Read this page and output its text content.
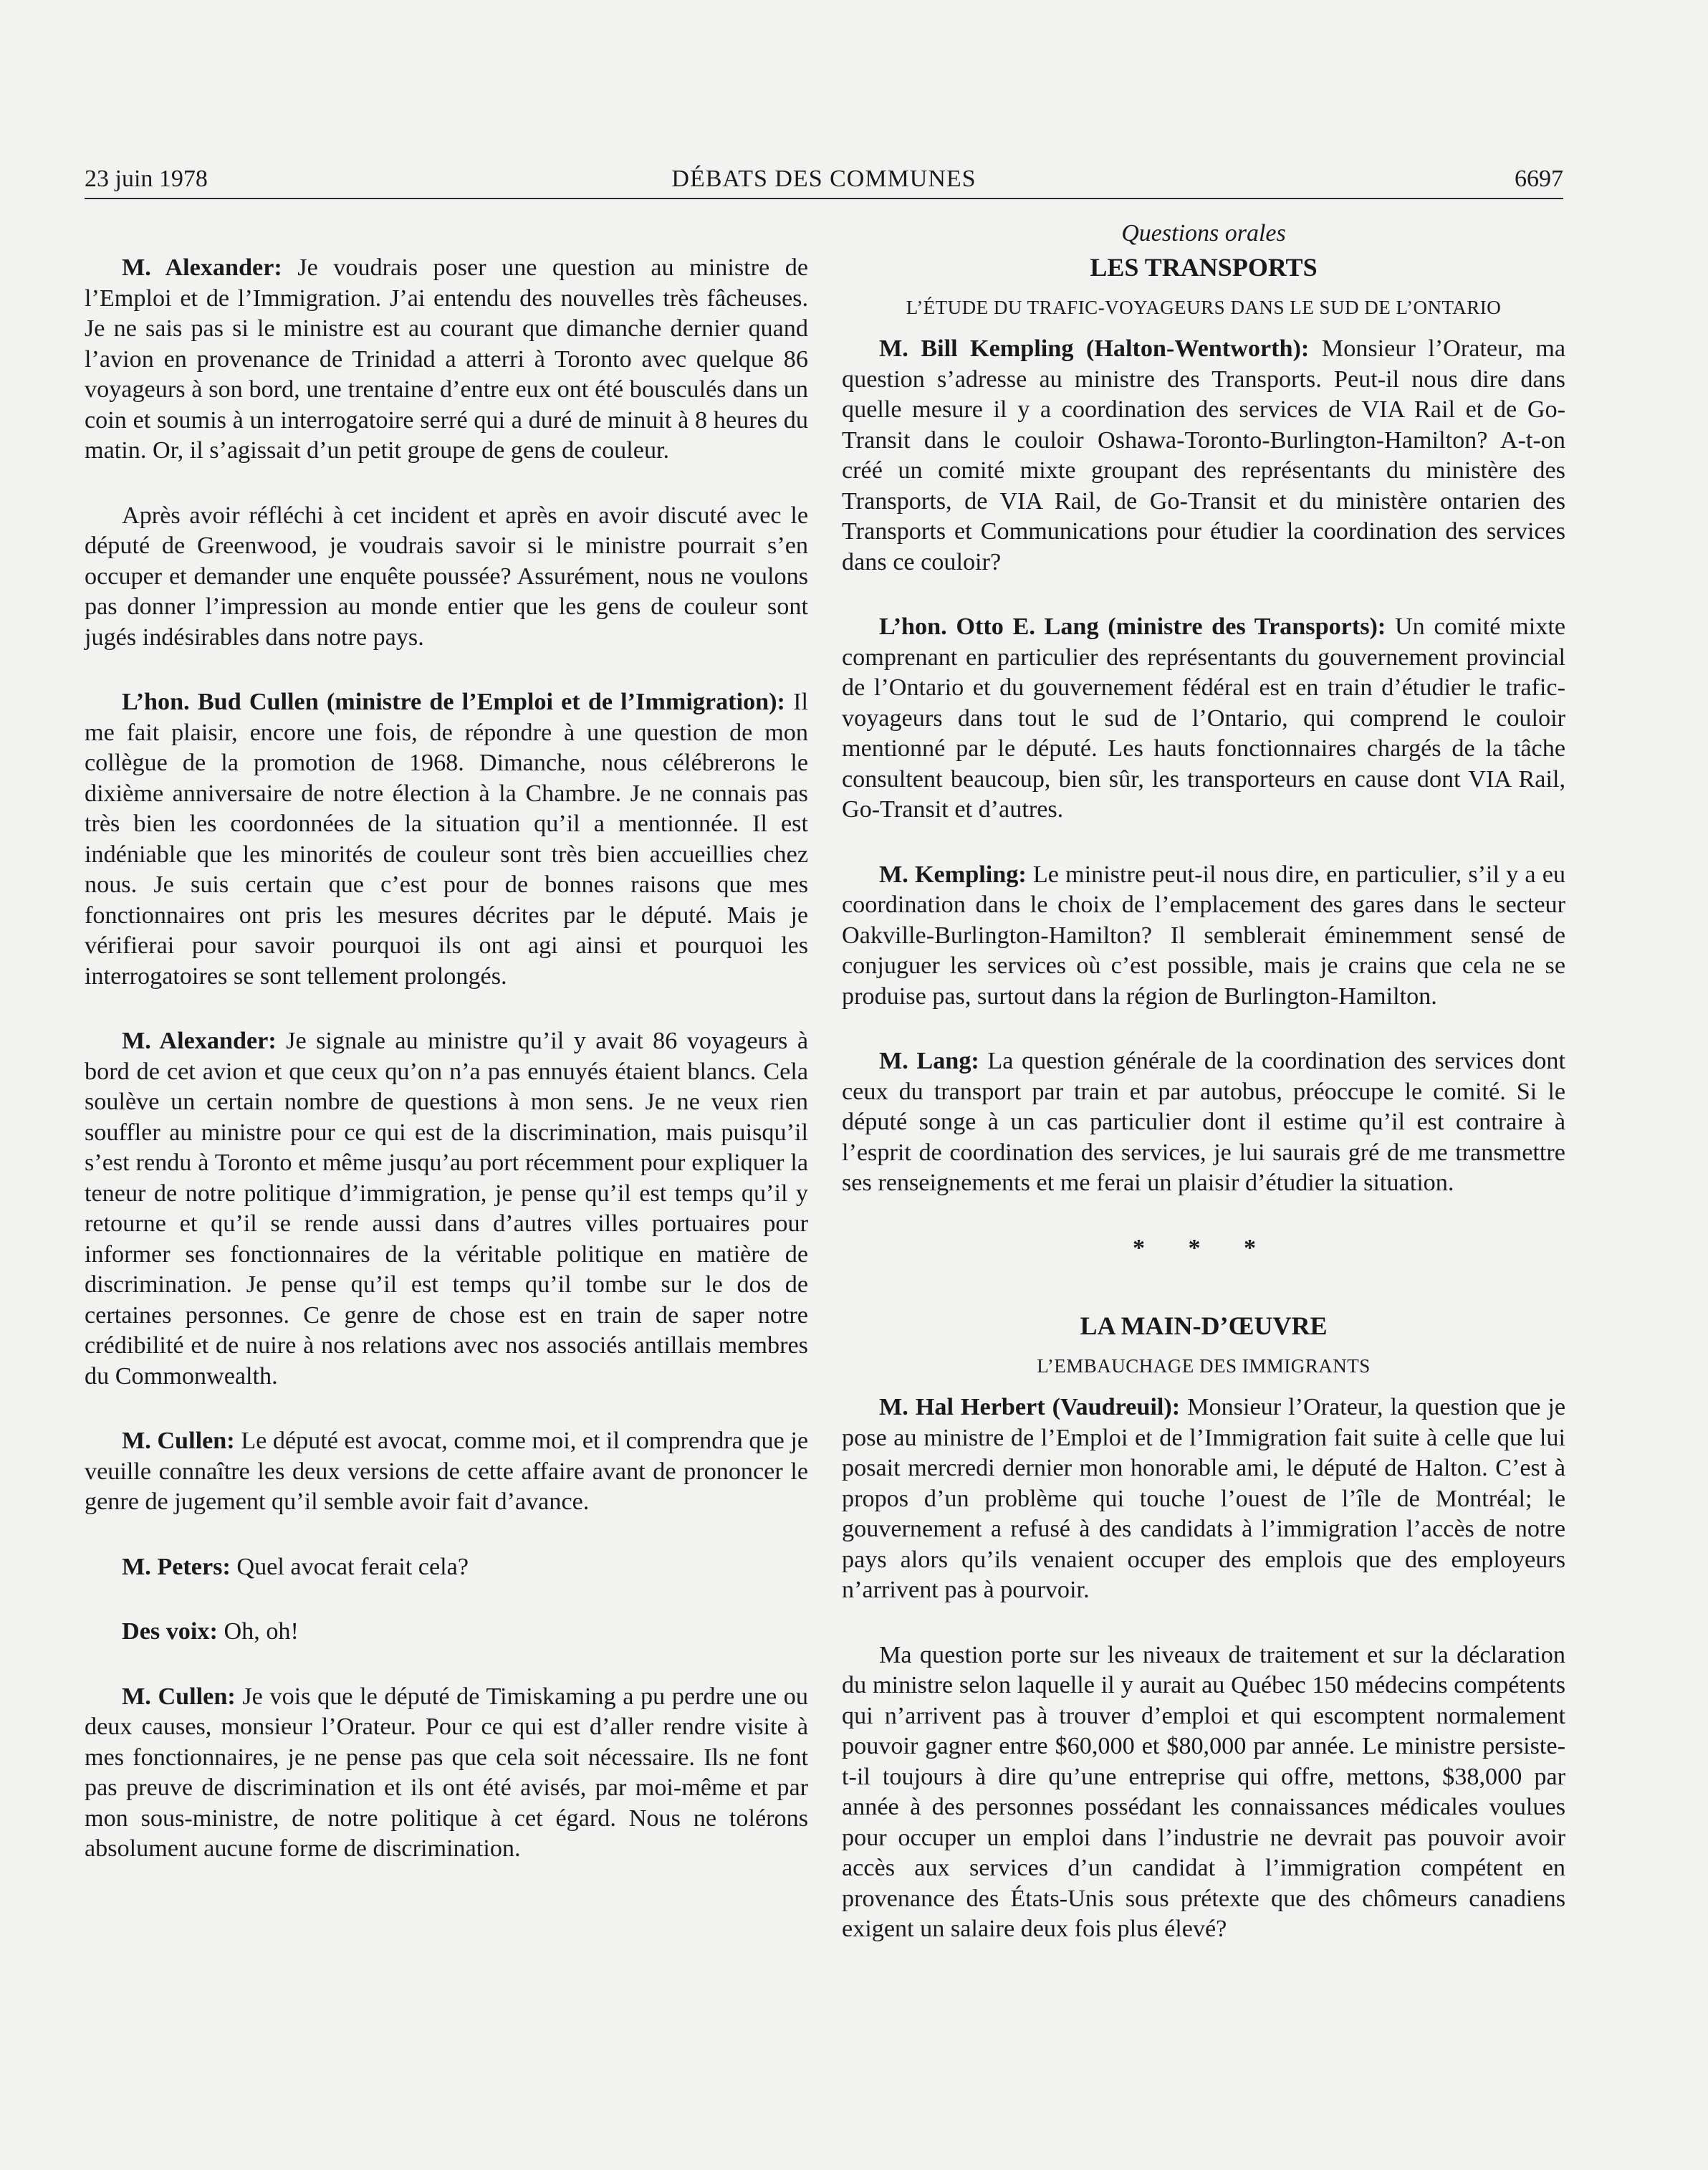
23 juin 1978	DÉBATS DES COMMUNES	6697

M. Alexander: Je voudrais poser une question au ministre de l’Emploi et de l’Immigration. J’ai entendu des nouvelles très fâcheuses. Je ne sais pas si le ministre est au courant que dimanche dernier quand l’avion en provenance de Trinidad a atterri à Toronto avec quelque 86 voyageurs à son bord, une trentaine d’entre eux ont été bousculés dans un coin et soumis à un interrogatoire serré qui a duré de minuit à 8 heures du matin. Or, il s’agissait d’un petit groupe de gens de couleur.

Après avoir réfléchi à cet incident et après en avoir discuté avec le député de Greenwood, je voudrais savoir si le ministre pourrait s’en occuper et demander une enquête poussée? Assurément, nous ne voulons pas donner l’impression au monde entier que les gens de couleur sont jugés indésirables dans notre pays.

L’hon. Bud Cullen (ministre de l’Emploi et de l’Immigration): Il me fait plaisir, encore une fois, de répondre à une question de mon collègue de la promotion de 1968. Dimanche, nous célébrerons le dixième anniversaire de notre élection à la Chambre. Je ne connais pas très bien les coordonnées de la situation qu’il a mentionnée. Il est indéniable que les minorités de couleur sont très bien accueillies chez nous. Je suis certain que c’est pour de bonnes raisons que mes fonctionnaires ont pris les mesures décrites par le député. Mais je vérifierai pour savoir pourquoi ils ont agi ainsi et pourquoi les interrogatoires se sont tellement prolongés.

M. Alexander: Je signale au ministre qu’il y avait 86 voyageurs à bord de cet avion et que ceux qu’on n’a pas ennuyés étaient blancs. Cela soulève un certain nombre de questions à mon sens. Je ne veux rien souffler au ministre pour ce qui est de la discrimination, mais puisqu’il s’est rendu à Toronto et même jusqu’au port récemment pour expliquer la teneur de notre politique d’immigration, je pense qu’il est temps qu’il y retourne et qu’il se rende aussi dans d’autres villes portuaires pour informer ses fonctionnaires de la véritable politique en matière de discrimination. Je pense qu’il est temps qu’il tombe sur le dos de certaines personnes. Ce genre de chose est en train de saper notre crédibilité et de nuire à nos relations avec nos associés antillais membres du Commonwealth.

M. Cullen: Le député est avocat, comme moi, et il comprendra que je veuille connaître les deux versions de cette affaire avant de prononcer le genre de jugement qu’il semble avoir fait d’avance.

M. Peters: Quel avocat ferait cela?

Des voix: Oh, oh!

M. Cullen: Je vois que le député de Timiskaming a pu perdre une ou deux causes, monsieur l’Orateur. Pour ce qui est d’aller rendre visite à mes fonctionnaires, je ne pense pas que cela soit nécessaire. Ils ne font pas preuve de discrimination et ils ont été avisés, par moi-même et par mon sous-ministre, de notre politique à cet égard. Nous ne tolérons absolument aucune forme de discrimination.

Questions orales
LES TRANSPORTS
L’ÉTUDE DU TRAFIC-VOYAGEURS DANS LE SUD DE L’ONTARIO

M. Bill Kempling (Halton-Wentworth): Monsieur l’Orateur, ma question s’adresse au ministre des Transports. Peut-il nous dire dans quelle mesure il y a coordination des services de VIA Rail et de Go-Transit dans le couloir Oshawa-Toronto-Burlington-Hamilton? A-t-on créé un comité mixte groupant des représentants du ministère des Transports, de VIA Rail, de Go-Transit et du ministère ontarien des Transports et Communications pour étudier la coordination des services dans ce couloir?

L’hon. Otto E. Lang (ministre des Transports): Un comité mixte comprenant en particulier des représentants du gouvernement provincial de l’Ontario et du gouvernement fédéral est en train d’étudier le trafic-voyageurs dans tout le sud de l’Ontario, qui comprend le couloir mentionné par le député. Les hauts fonctionnaires chargés de la tâche consultent beaucoup, bien sûr, les transporteurs en cause dont VIA Rail, Go-Transit et d’autres.

M. Kempling: Le ministre peut-il nous dire, en particulier, s’il y a eu coordination dans le choix de l’emplacement des gares dans le secteur Oakville-Burlington-Hamilton? Il semblerait éminemment sensé de conjuguer les services où c’est possible, mais je crains que cela ne se produise pas, surtout dans la région de Burlington-Hamilton.

M. Lang: La question générale de la coordination des services dont ceux du transport par train et par autobus, préoccupe le comité. Si le député songe à un cas particulier dont il estime qu’il est contraire à l’esprit de coordination des services, je lui saurais gré de me transmettre ses renseignements et me ferai un plaisir d’étudier la situation.

* * *
LA MAIN-D’ŒUVRE
L’EMBAUCHAGE DES IMMIGRANTS

M. Hal Herbert (Vaudreuil): Monsieur l’Orateur, la question que je pose au ministre de l’Emploi et de l’Immigration fait suite à celle que lui posait mercredi dernier mon honorable ami, le député de Halton. C’est à propos d’un problème qui touche l’ouest de l’île de Montréal; le gouvernement a refusé à des candidats à l’immigration l’accès de notre pays alors qu’ils venaient occuper des emplois que des employeurs n’arrivent pas à pourvoir.

Ma question porte sur les niveaux de traitement et sur la déclaration du ministre selon laquelle il y aurait au Québec 150 médecins compétents qui n’arrivent pas à trouver d’emploi et qui escomptent normalement pouvoir gagner entre $60,000 et $80,000 par année. Le ministre persiste-t-il toujours à dire qu’une entreprise qui offre, mettons, $38,000 par année à des personnes possédant les connaissances médicales voulues pour occuper un emploi dans l’industrie ne devrait pas pouvoir avoir accès aux services d’un candidat à l’immigration compétent en provenance des États-Unis sous prétexte que des chômeurs canadiens exigent un salaire deux fois plus élevé?
